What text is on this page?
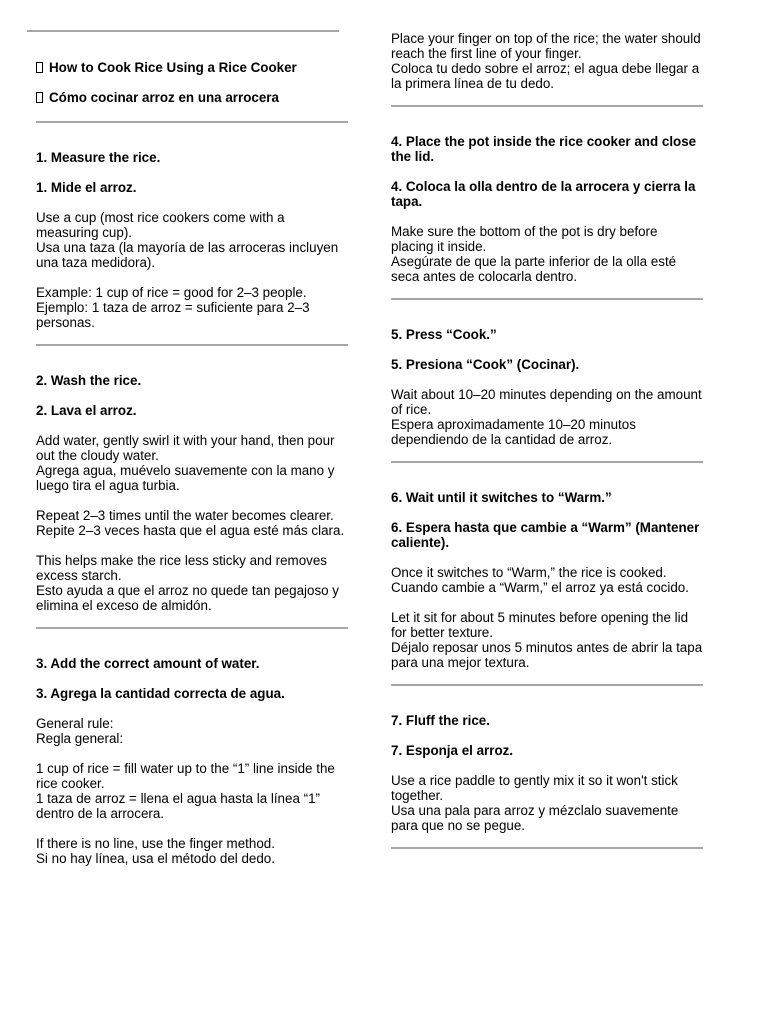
How to Cook Rice Using a Rice Cooker

Cómo cocinar arroz en una arrocera

1. Measure the rice.

1. Mide el arroz.

Use a cup (most rice cookers come with a measuring cup).

Usa una taza (la mayoría de las arroceras incluyen una taza medidora).

Example: 1 cup of rice = good for 2–3 people.

Ejemplo: 1 taza de arroz = suficiente para 2–3 personas.

2. Wash the rice.

2. Lava el arroz.

Add water, gently swirl it with your hand, then pour out the cloudy water.

Agrega agua, muévelo suavemente con la mano y luego tira el agua turbia.

Repeat 2–3 times until the water becomes clearer.

Repite 2–3 veces hasta que el agua esté más clara.

This helps make the rice less sticky and removes excess starch.

Esto ayuda a que el arroz no quede tan pegajoso y elimina el exceso de almidón.

3. Add the correct amount of water.

3. Agrega la cantidad correcta de agua.

General rule:

Regla general:

1 cup of rice = fill water up to the “1” line inside the rice cooker.

1 taza de arroz = llena el agua hasta la línea “1” dentro de la arrocera.

If there is no line, use the finger method.

Si no hay línea, usa el método del dedo.

Place your finger on top of the rice; the water should reach the first line of your finger.

Coloca tu dedo sobre el arroz; el agua debe llegar a la primera línea de tu dedo.

4. Place the pot inside the rice cooker and close the lid.

4. Coloca la olla dentro de la arrocera y cierra la tapa.

Make sure the bottom of the pot is dry before placing it inside.

Asegúrate de que la parte inferior de la olla esté seca antes de colocarla dentro.

5. Press “Cook.”

5. Presiona “Cook” (Cocinar).

Wait about 10–20 minutes depending on the amount of rice.

Espera aproximadamente 10–20 minutos dependiendo de la cantidad de arroz.

6. Wait until it switches to “Warm.”

6. Espera hasta que cambie a “Warm” (Mantener caliente).

Once it switches to “Warm,” the rice is cooked.

Cuando cambie a “Warm,” el arroz ya está cocido.

Let it sit for about 5 minutes before opening the lid for better texture.

Déjalo reposar unos 5 minutos antes de abrir la tapa para una mejor textura.

7. Fluff the rice.

7. Esponja el arroz.

Use a rice paddle to gently mix it so it won't stick together.

Usa una pala para arroz y mézclalo suavemente para que no se pegue.
